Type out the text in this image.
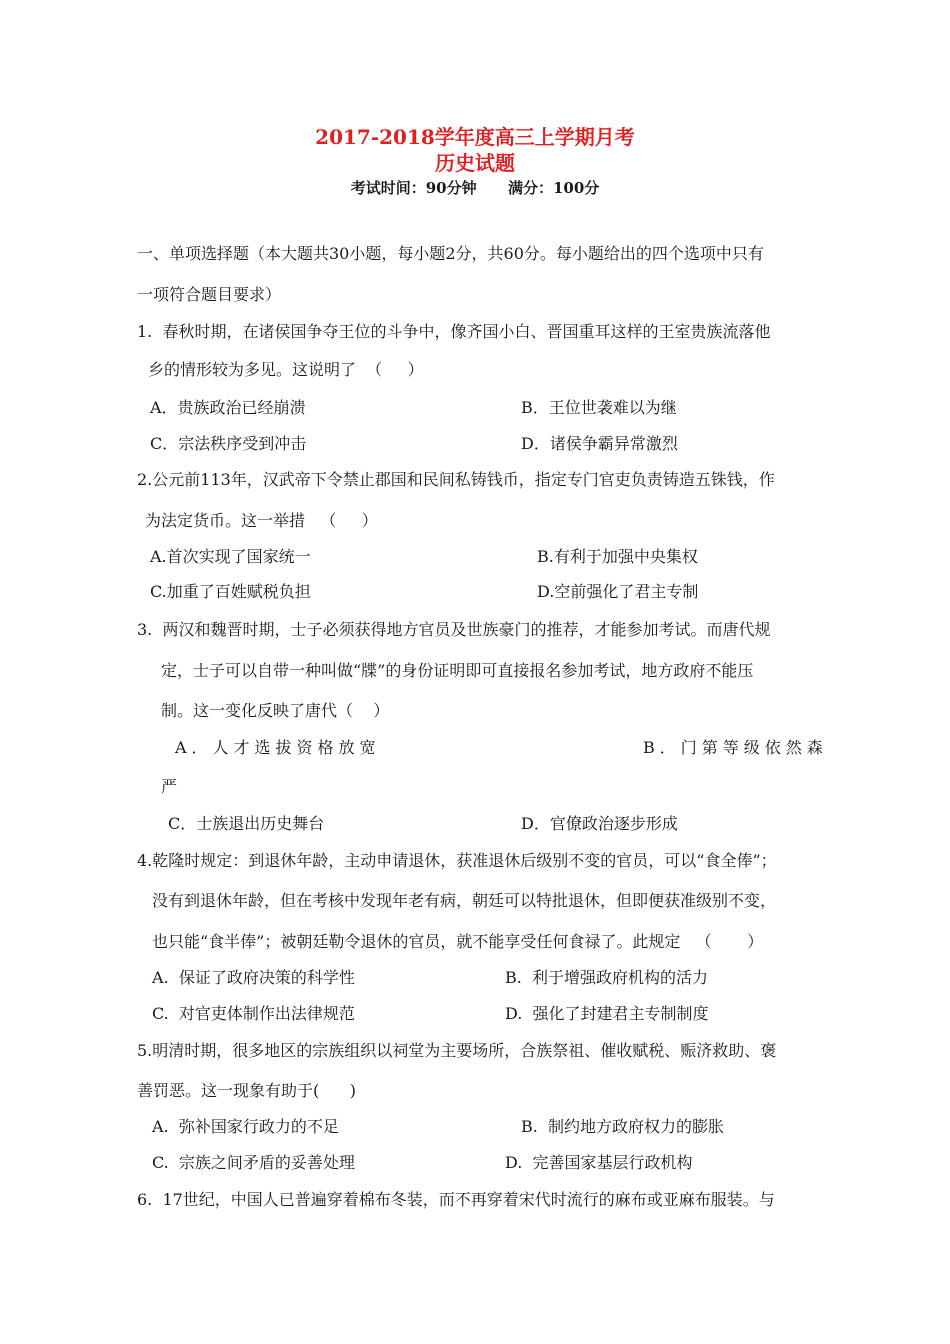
2017-2018学年度高三上学期月考
历史试题
考试时间：90分钟      满分：100分
一、单项选择题（本大题共30小题，每小题2分，共60分。每小题给出的四个选项中只有
一项符合题目要求）
1.  春秋时期，在诸侯国争夺王位的斗争中，像齐国小白、晋国重耳这样的王室贵族流落他
乡的情形较为多见。这说明了  （     ）
A．贵族政治已经崩溃	B．王位世袭难以为继
C．宗法秩序受到冲击	D．诸侯争霸异常激烈
2.公元前113年，汉武帝下令禁止郡国和民间私铸钱币，指定专门官吏负责铸造五铢钱，作
为法定货币。这一举措   （     ）
A.首次实现了国家统一	B.有利于加强中央集权
C.加重了百姓赋税负担	D.空前强化了君主专制
3.  两汉和魏晋时期，士子必须获得地方官员及世族豪门的推荐，才能参加考试。而唐代规
定，士子可以自带一种叫做“牒”的身份证明即可直接报名参加考试，地方政府不能压
制。这一变化反映了唐代（    ）
A．人才选拔资格放宽	B．门第等级依然森
严
C．士族退出历史舞台	D．官僚政治逐步形成
4.乾隆时规定：到退休年龄，主动申请退休，获准退休后级别不变的官员，可以“食全俸”；
没有到退休年龄，但在考核中发现年老有病，朝廷可以特批退休，但即便获准级别不变，
也只能“食半俸”；被朝廷勒令退休的官员，就不能享受任何食禄了。此规定   （       ）
A.  保证了政府决策的科学性	B.  利于增强政府机构的活力
C.  对官吏体制作出法律规范	D.  强化了封建君主专制制度
5.明清时期，很多地区的宗族组织以祠堂为主要场所，合族祭祖、催收赋税、赈济救助、褒
善罚恶。这一现象有助于(      )
A.  弥补国家行政力的不足	B.  制约地方政府权力的膨胀
C.  宗族之间矛盾的妥善处理	D.  完善国家基层行政机构
6.  17世纪，中国人已普遍穿着棉布冬装，而不再穿着宋代时流行的麻布或亚麻布服装。与
